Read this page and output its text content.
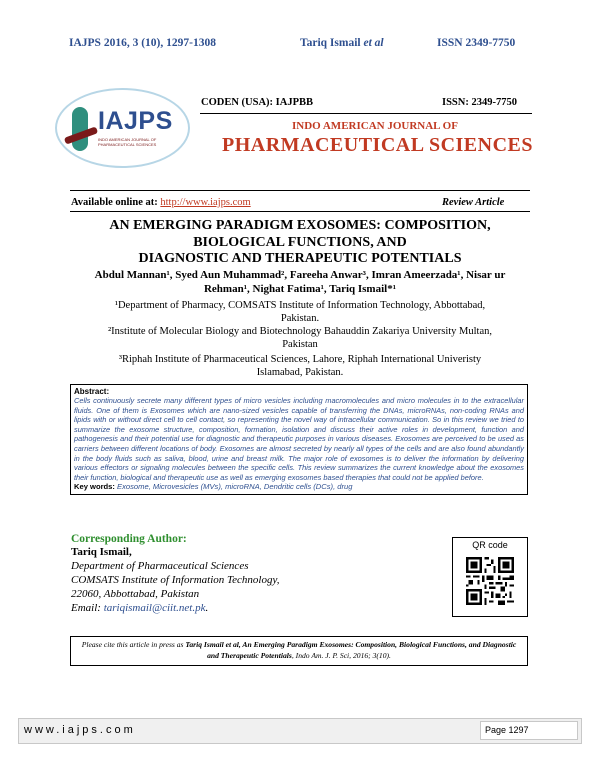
IAJPS 2016, 3 (10), 1297-1308	Tariq Ismail et al	ISSN 2349-7750
IAJPS
INDO AMERICAN JOURNAL OF PHARMACEUTICAL SCIENCES
CODEN (USA): IAJPBB	ISSN: 2349-7750
INDO AMERICAN JOURNAL OF
PHARMACEUTICAL SCIENCES
Available online at: http://www.iajps.com	Review Article
AN EMERGING PARADIGM EXOSOMES: COMPOSITION,
BIOLOGICAL FUNCTIONS, AND
DIAGNOSTIC AND THERAPEUTIC POTENTIALS
Abdul Mannan¹, Syed Aun Muhammad², Fareeha Anwar³, Imran Ameerzada¹, Nisar ur
Rehman¹, Nighat Fatima¹, Tariq Ismail*¹
¹Department of Pharmacy, COMSATS Institute of Information Technology, Abbottabad,
Pakistan.
²Institute of Molecular Biology and Biotechnology Bahauddin Zakariya University Multan,
Pakistan
³Riphah Institute of Pharmaceutical Sciences, Lahore, Riphah International Univeristy
Islamabad, Pakistan.
Abstract:
Cells continuously secrete many different types of micro vesicles including macromolecules and micro molecules in to the extracellular fluids. One of them is Exosomes which are nano-sized vesicles capable of transferring the DNAs, microRNAs, non-coding RNAs and lipids with or without direct cell to cell contact, so representing the novel way of intracellular communication. So in this review we tried to summarize the exosome structure, composition, formation, isolation and discuss their active roles in development, function and pathogenesis and their potential use for diagnostic and therapeutic purposes in various diseases. Exosomes are perceived to be used as carriers between different locations of body. Exosomes are almost secreted by nearly all types of the cells and are also found abundantly in the body fluids such as saliva, blood, urine and breast milk. The major role of exosomes is to deliver the information by delivering various effectors or signaling molecules between the specific cells. This review summarizes the current knowledge about the exosomes their function, biological and therapeutic use as well as emerging exosomes based therapies that could not be applied before.
Key words: Exosome, Microvesicles (MVs), microRNA, Dendritic cells (DCs), drug
Corresponding Author:
Tariq Ismail,
Department of Pharmaceutical Sciences
COMSATS Institute of Information Technology,
22060, Abbottabad, Pakistan
Email: tariqismail@ciit.net.pk.
QR code
Please cite this article in press as Tariq Ismail et al, An Emerging Paradigm Exosomes: Composition, Biological Functions, and Diagnostic and Therapeutic Potentials, Indo Am. J. P. Sci, 2016; 3(10).
www.iajps.com	Page 1297
